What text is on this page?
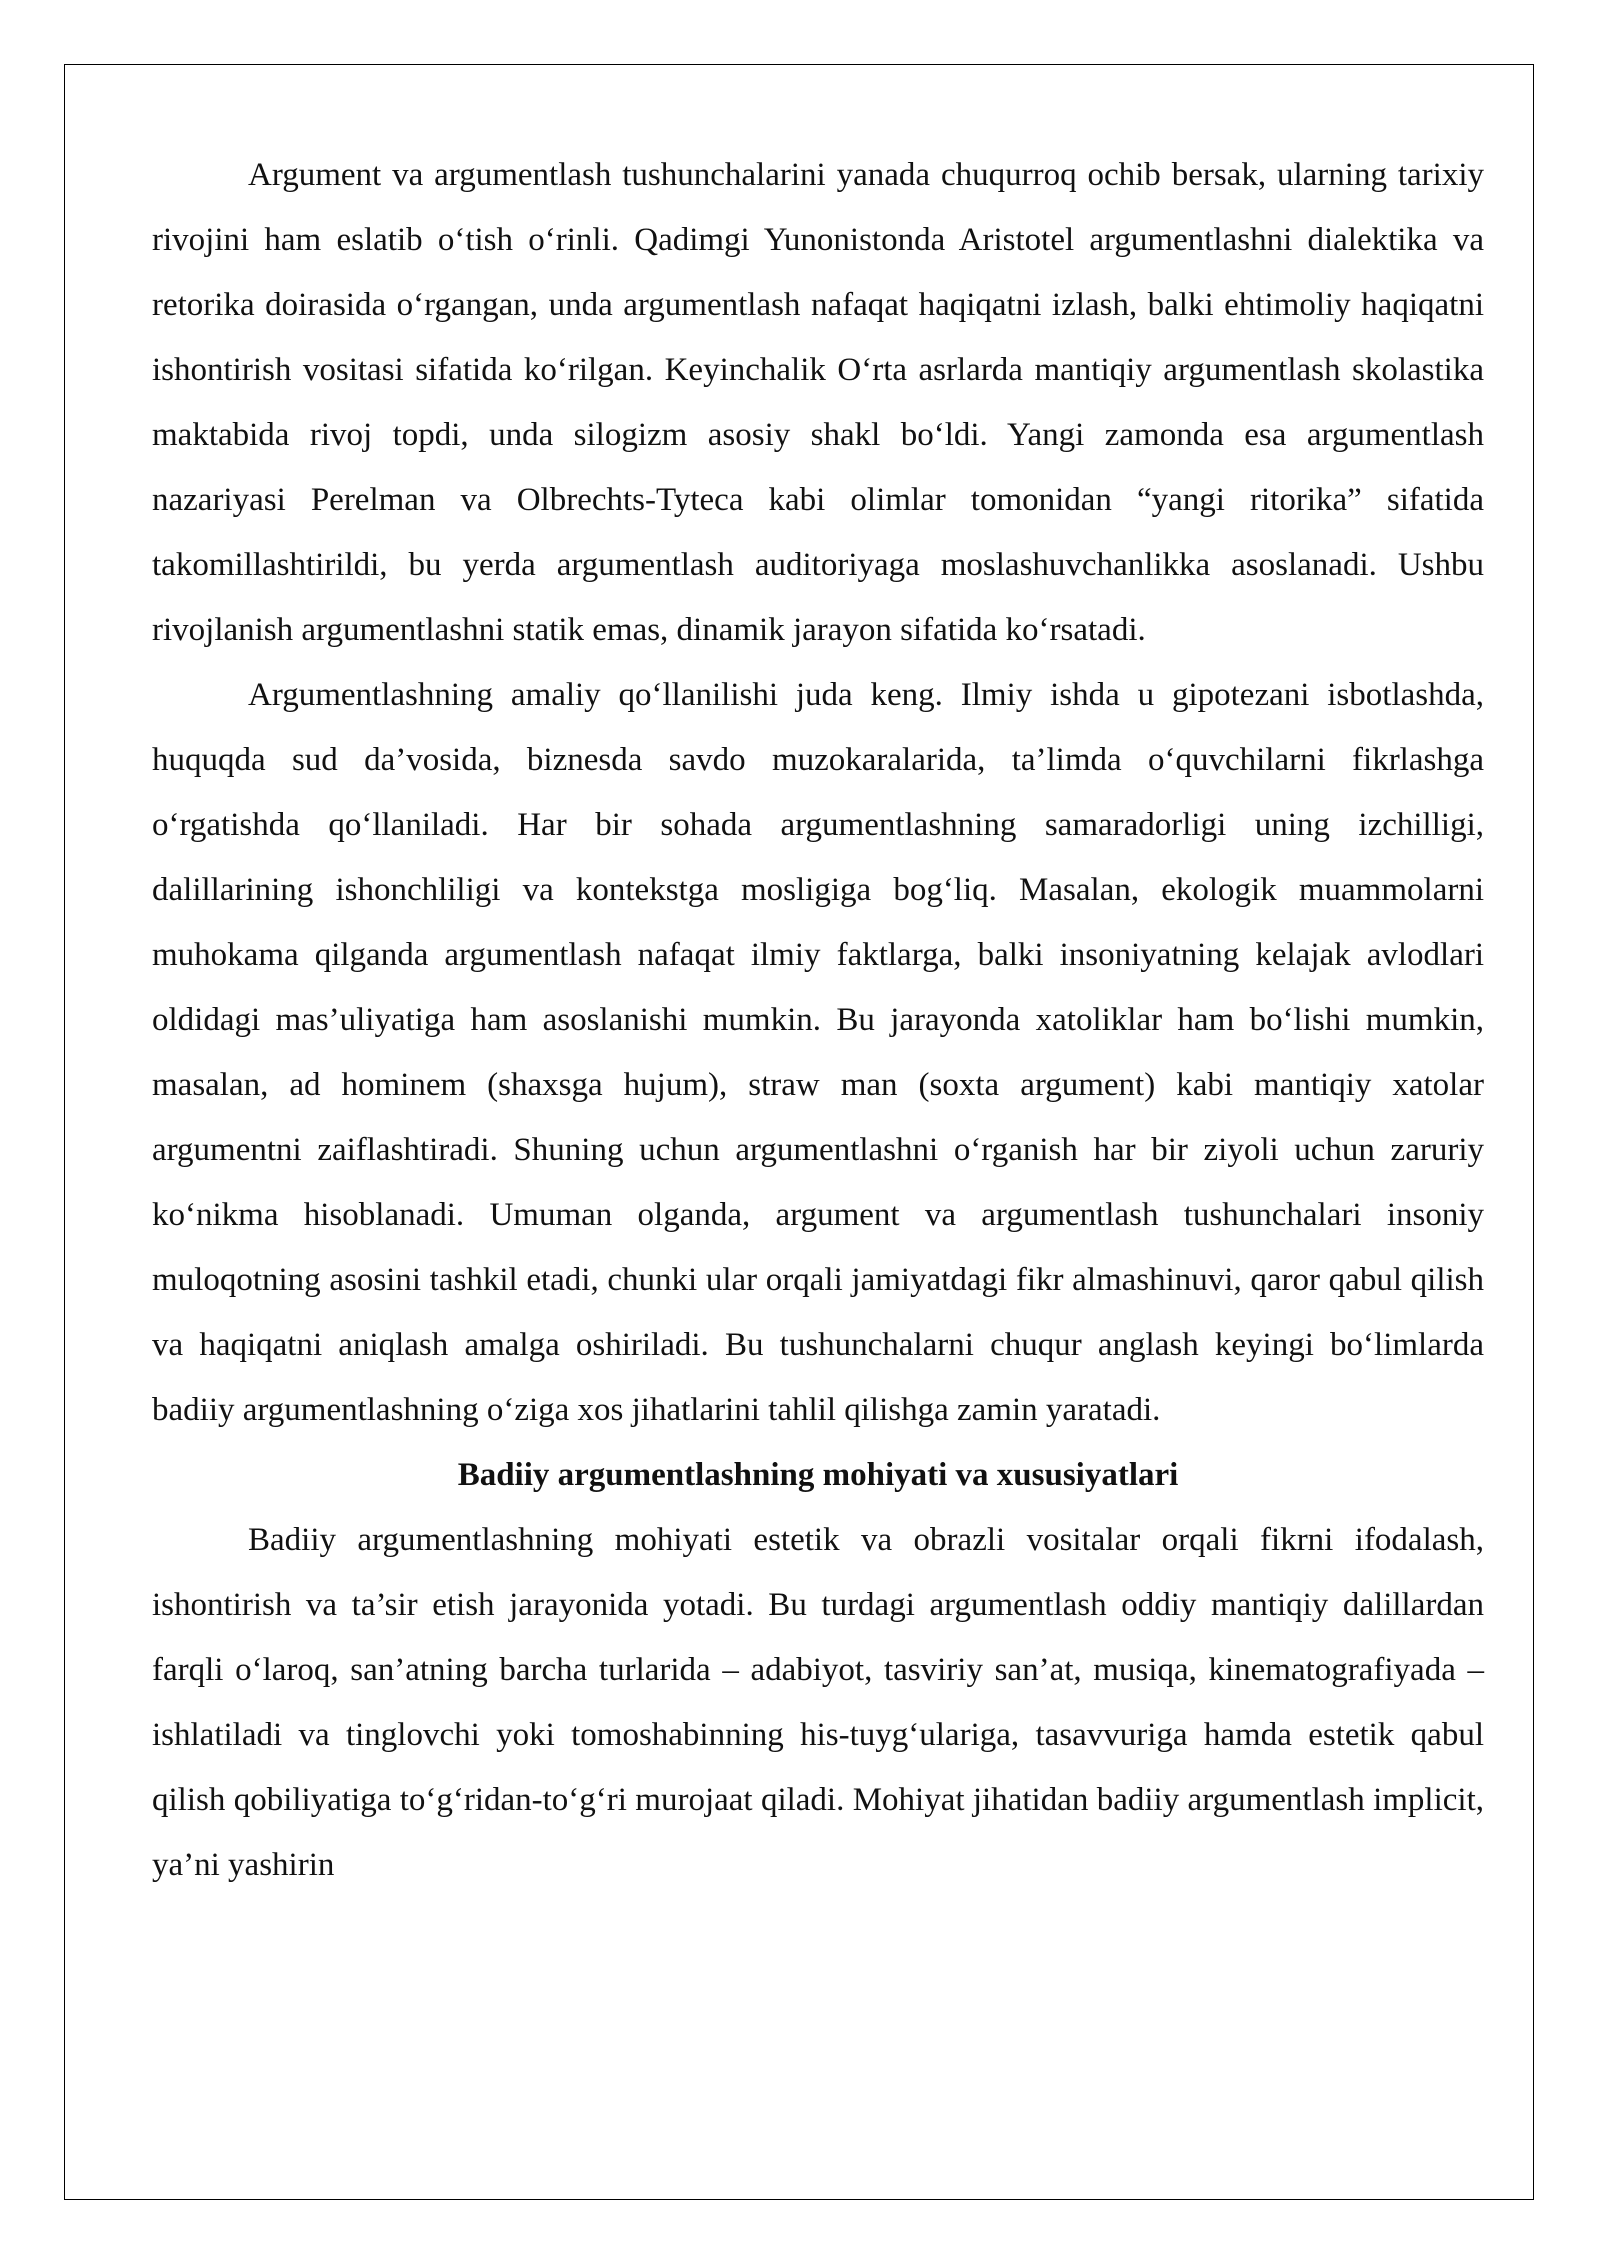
Argument va argumentlash tushunchalarini yanada chuqurroq ochib bersak, ularning tarixiy rivojini ham eslatib o‘tish o‘rinli. Qadimgi Yunonistonda Aristotel argumentlashni dialektika va retorika doirasida o‘rgangan, unda argumentlash nafaqat haqiqatni izlash, balki ehtimoliy haqiqatni ishontirish vositasi sifatida ko‘rilgan. Keyinchalik O‘rta asrlarda mantiqiy argumentlash skolastika maktabida rivoj topdi, unda silogizm asosiy shakl bo‘ldi. Yangi zamonda esa argumentlash nazariyasi Perelman va Olbrechts-Tyteca kabi olimlar tomonidan “yangi ritorika” sifatida takomillashtirildi, bu yerda argumentlash auditoriyaga moslashuvchanlikka asoslanadi. Ushbu rivojlanish argumentlashni statik emas, dinamik jarayon sifatida ko‘rsatadi.

Argumentlashning amaliy qo‘llanilishi juda keng. Ilmiy ishda u gipotezani isbotlashda, huquqda sud da’vosida, biznesda savdo muzokaralarida, ta’limda o‘quvchilarni fikrlashga o‘rgatishda qo‘llaniladi. Har bir sohada argumentlashning samaradorligi uning izchilligi, dalillarining ishonchliligi va kontekstga mosligiga bog‘liq. Masalan, ekologik muammolarni muhokama qilganda argumentlash nafaqat ilmiy faktlarga, balki insoniyatning kelajak avlodlari oldidagi mas’uliyatiga ham asoslanishi mumkin. Bu jarayonda xatoliklar ham bo‘lishi mumkin, masalan, ad hominem (shaxsga hujum), straw man (soxta argument) kabi mantiqiy xatolar argumentni zaiflashtiradi. Shuning uchun argumentlashni o‘rganish har bir ziyoli uchun zaruriy ko‘nikma hisoblanadi. Umuman olganda, argument va argumentlash tushunchalari insoniy muloqotning asosini tashkil etadi, chunki ular orqali jamiyatdagi fikr almashinuvi, qaror qabul qilish va haqiqatni aniqlash amalga oshiriladi. Bu tushunchalarni chuqur anglash keyingi bo‘limlarda badiiy argumentlashning o‘ziga xos jihatlarini tahlil qilishga zamin yaratadi.

Badiiy argumentlashning mohiyati va xususiyatlari

Badiiy argumentlashning mohiyati estetik va obrazli vositalar orqali fikrni ifodalash, ishontirish va ta’sir etish jarayonida yotadi. Bu turdagi argumentlash oddiy mantiqiy dalillardan farqli o‘laroq, san’atning barcha turlarida – adabiyot, tasviriy san’at, musiqa, kinematografiyada – ishlatiladi va tinglovchi yoki tomoshabinning his-tuyg‘ulariga, tasavvuriga hamda estetik qabul qilish qobiliyatiga to‘g‘ridan-to‘g‘ri murojaat qiladi. Mohiyat jihatidan badiiy argumentlash implicit, ya’ni yashirin
